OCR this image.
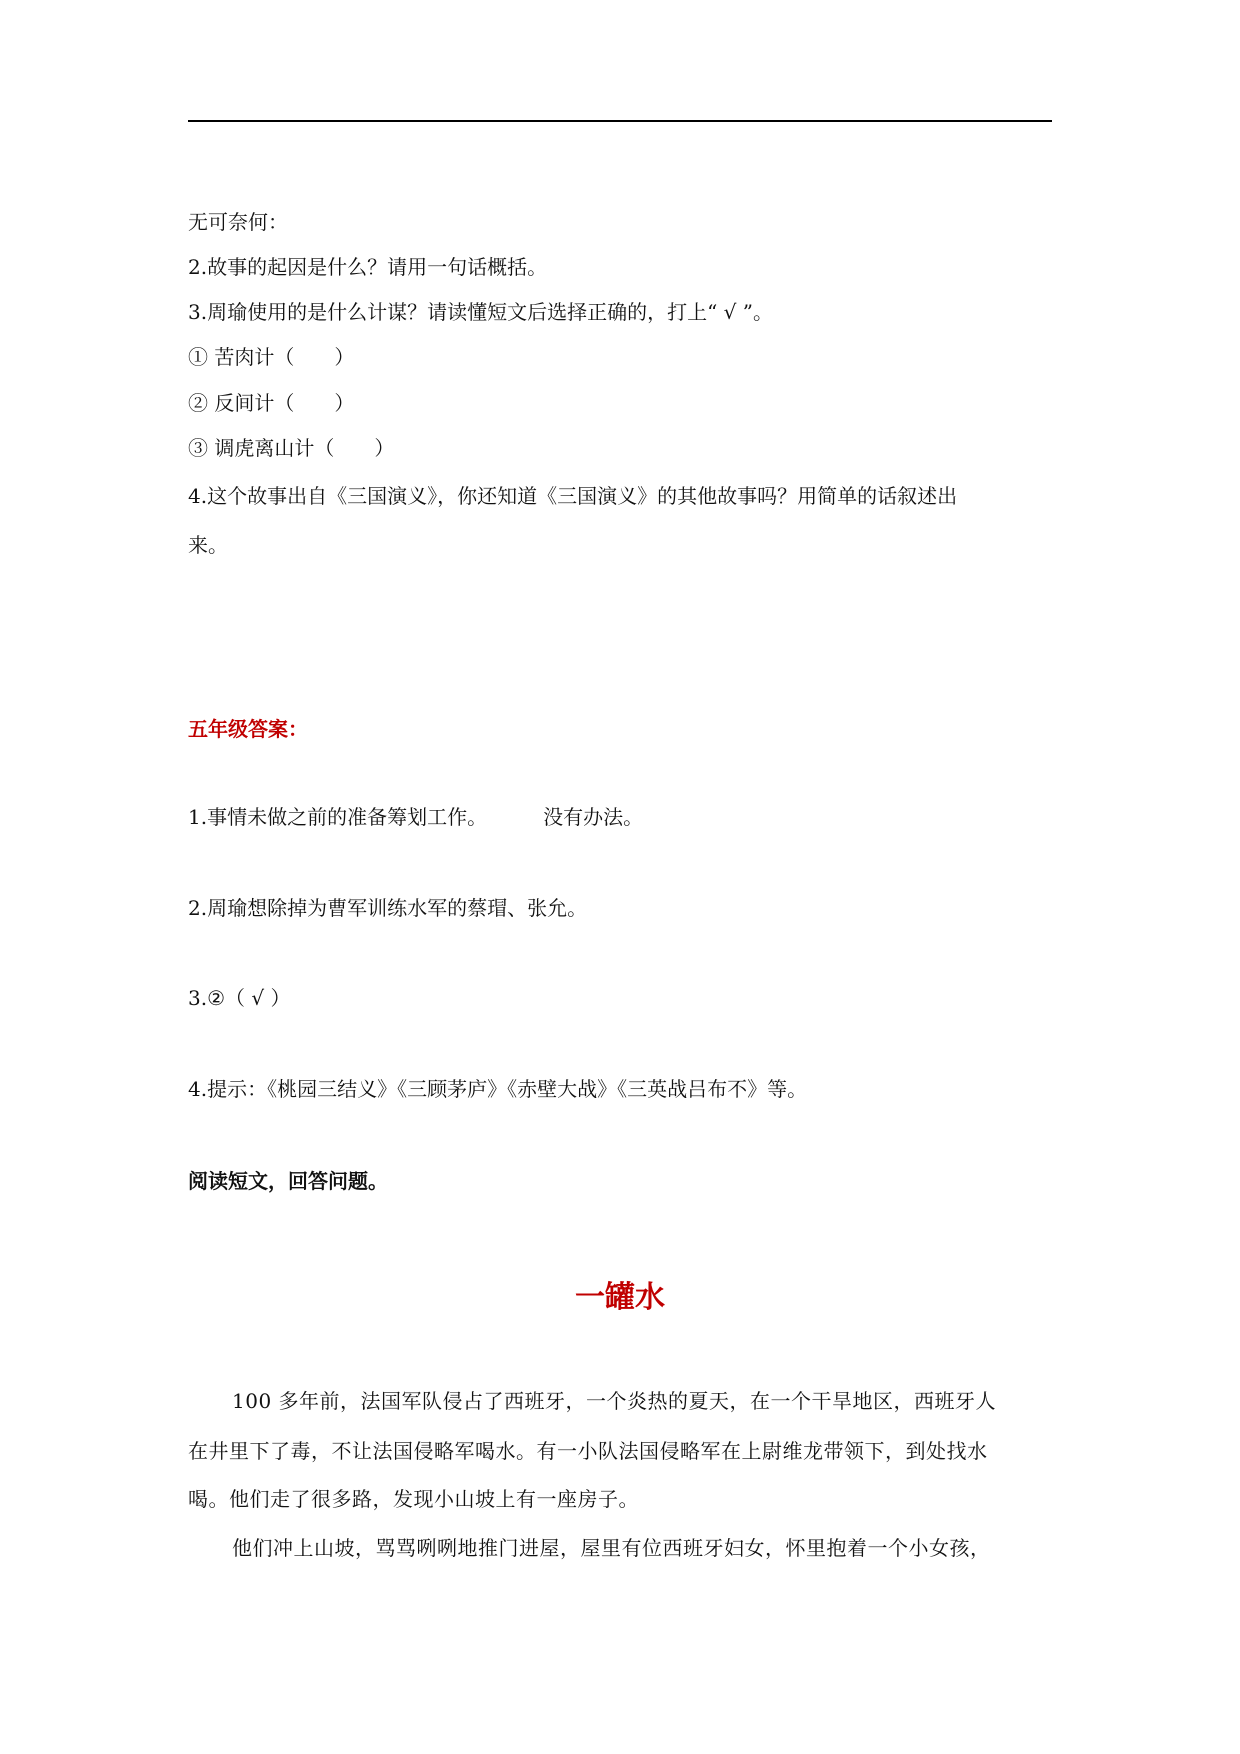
无可奈何：
2.故事的起因是什么？请用一句话概括。
3.周瑜使用的是什么计谋？请读懂短文后选择正确的，打上“ √ ”。
① 苦肉计（　　）
② 反间计（　　）
③ 调虎离山计（　　）
4.这个故事出自《三国演义》，你还知道《三国演义》的其他故事吗？用简单的话叙述出
来。
五年级答案：
1.事情未做之前的准备筹划工作。	没有办法。
2.周瑜想除掉为曹军训练水军的蔡瑁、张允。
3.②（ √ ）
4.提示：《桃园三结义》《三顾茅庐》《赤壁大战》《三英战吕布不》等。
阅读短文，回答问题。
一罐水
100 多年前，法国军队侵占了西班牙，一个炎热的夏天，在一个干旱地区，西班牙人
在井里下了毒，不让法国侵略军喝水。有一小队法国侵略军在上尉维龙带领下，到处找水
喝。他们走了很多路，发现小山坡上有一座房子。
他们冲上山坡，骂骂咧咧地推门进屋，屋里有位西班牙妇女，怀里抱着一个小女孩，
